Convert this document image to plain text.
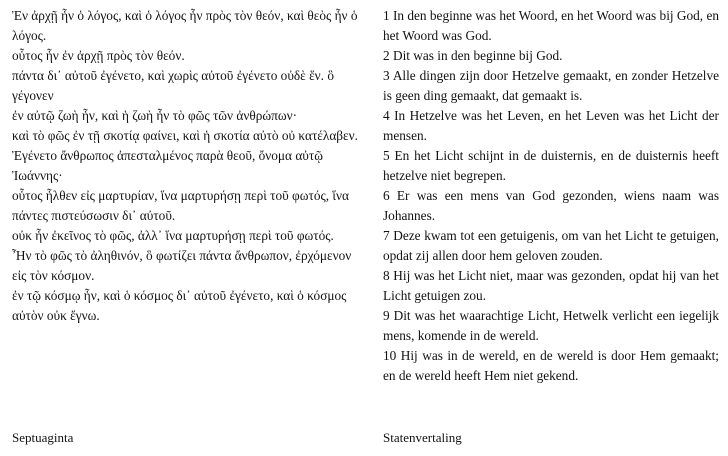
Ἐν ἀρχῇ ἦν ὁ λόγος, καὶ ὁ λόγος ἦν πρὸς τὸν θεόν, καὶ θεὸς ἦν ὁ λόγος.
οὗτος ἦν ἐν ἀρχῇ πρὸς τὸν θεόν.
πάντα δι᾽ αὐτοῦ ἐγένετο, καὶ χωρὶς αὐτοῦ ἐγένετο οὐδὲ ἕν. ὃ γέγονεν
ἐν αὐτῷ ζωὴ ἦν, καὶ ἡ ζωὴ ἦν τὸ φῶς τῶν ἀνθρώπων·
καὶ τὸ φῶς ἐν τῇ σκοτίᾳ φαίνει, καὶ ἡ σκοτία αὐτὸ οὐ κατέλαβεν.
Ἐγένετο ἄνθρωπος ἀπεσταλμένος παρὰ θεοῦ, ὄνομα αὐτῷ Ἰωάννης·
οὗτος ἦλθεν εἰς μαρτυρίαν, ἵνα μαρτυρήσῃ περὶ τοῦ φωτός, ἵνα πάντες πιστεύσωσιν δι᾽ αὐτοῦ.
οὐκ ἦν ἐκεῖνος τὸ φῶς, ἀλλ᾽ ἵνα μαρτυρήσῃ περὶ τοῦ φωτός.
Ἦν τὸ φῶς τὸ ἀληθινόν, ὃ φωτίζει πάντα ἄνθρωπον, ἐρχόμενον εἰς τὸν κόσμον.
ἐν τῷ κόσμῳ ἦν, καὶ ὁ κόσμος δι᾽ αὐτοῦ ἐγένετο, καὶ ὁ κόσμος αὐτὸν οὐκ ἔγνω.
1 In den beginne was het Woord, en het Woord was bij God, en het Woord was God.
2 Dit was in den beginne bij God.
3 Alle dingen zijn door Hetzelve gemaakt, en zonder Hetzelve is geen ding gemaakt, dat gemaakt is.
4 In Hetzelve was het Leven, en het Leven was het Licht der mensen.
5 En het Licht schijnt in de duisternis, en de duisternis heeft hetzelve niet begrepen.
6 Er was een mens van God gezonden, wiens naam was Johannes.
7 Deze kwam tot een getuigenis, om van het Licht te getuigen, opdat zij allen door hem geloven zouden.
8 Hij was het Licht niet, maar was gezonden, opdat hij van het Licht getuigen zou.
9 Dit was het waarachtige Licht, Hetwelk verlicht een iegelijk mens, komende in de wereld.
10 Hij was in de wereld, en de wereld is door Hem gemaakt; en de wereld heeft Hem niet gekend.
Septuaginta	Statenvertaling
